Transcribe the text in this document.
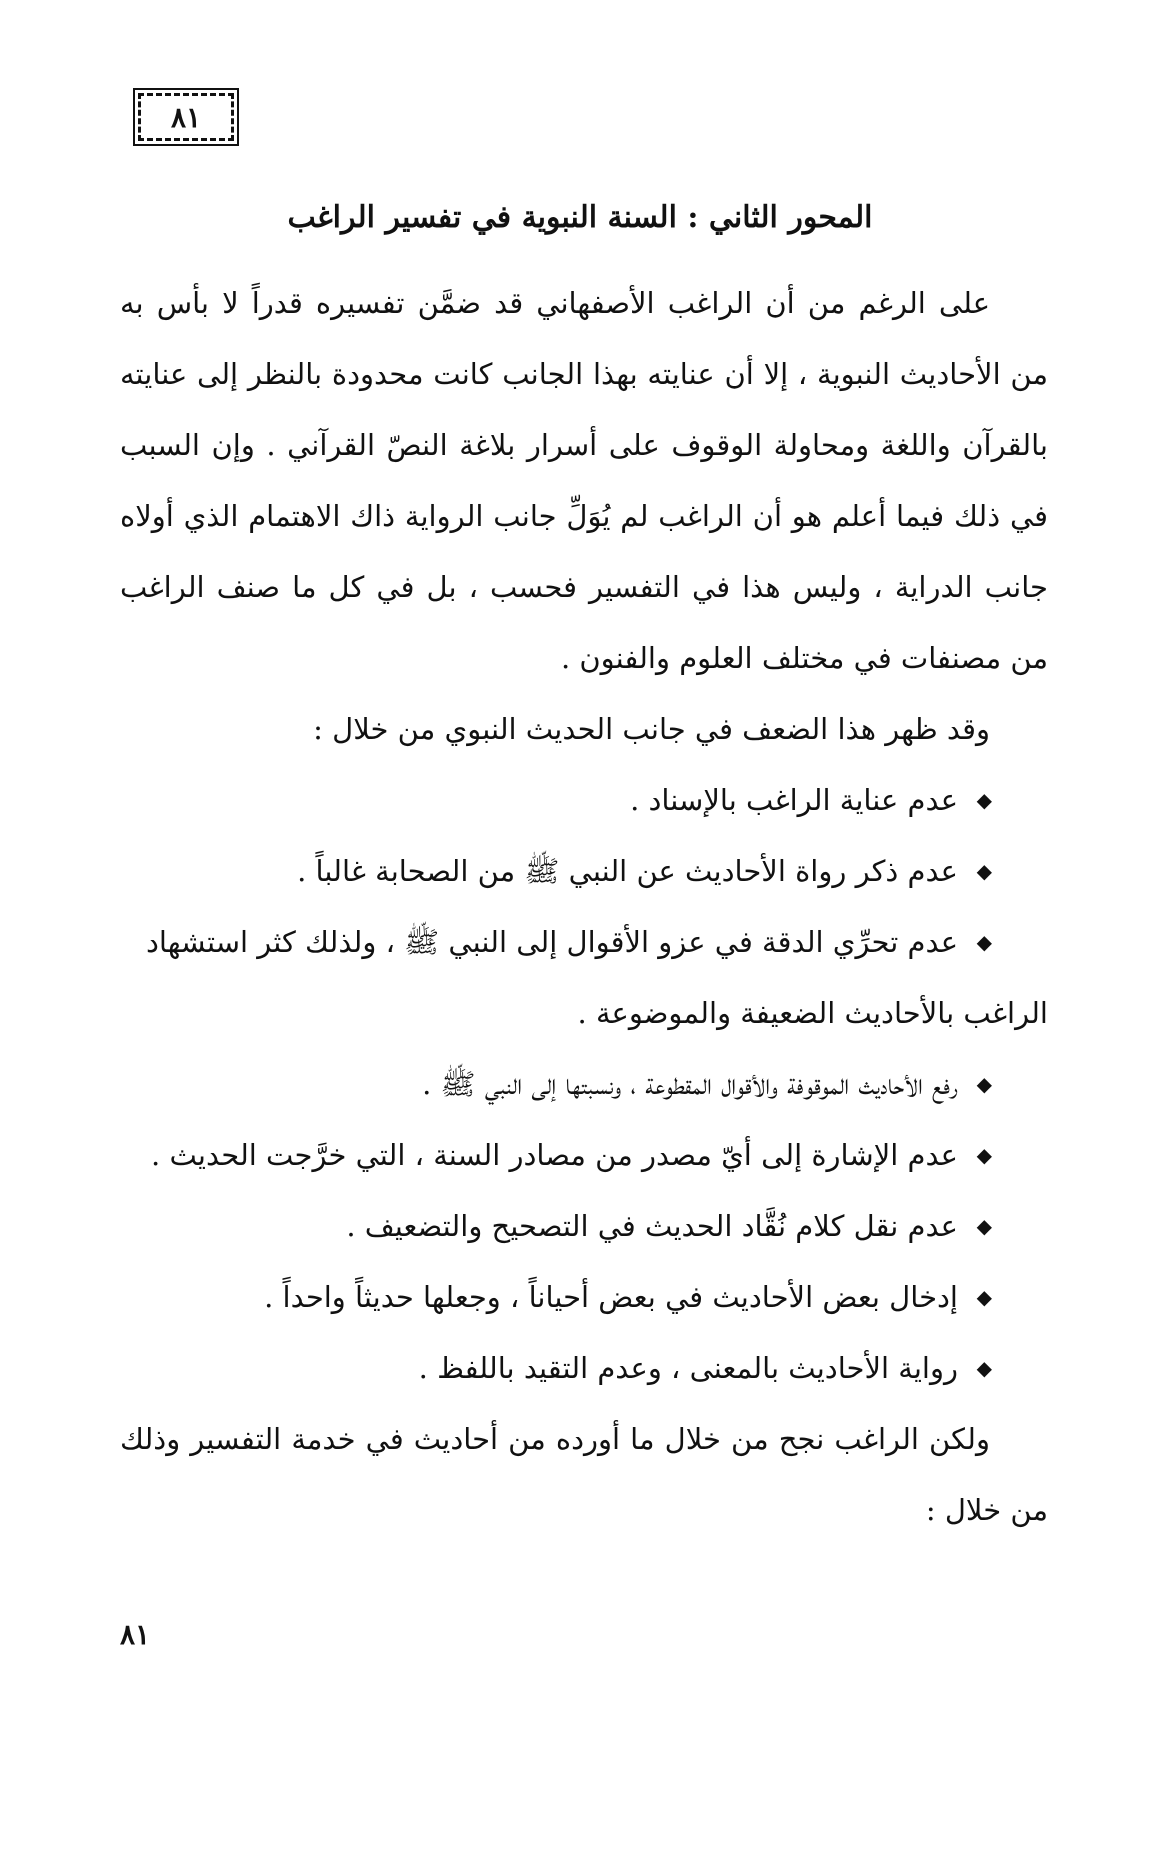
٨١
المحور الثاني : السنة النبوية في تفسير الراغب

على الرغم من أن الراغب الأصفهاني قد ضمَّن تفسيره قدراً لا بأس به من الأحاديث النبوية ، إلا أن عنايته بهذا الجانب كانت محدودة بالنظر إلى عنايته بالقرآن واللغة ومحاولة الوقوف على أسرار بلاغة النصّ القرآني . وإن السبب في ذلك فيما أعلم هو أن الراغب لم يُوَلِّ جانب الرواية ذاك الاهتمام الذي أولاه جانب الدراية ، وليس هذا في التفسير فحسب ، بل في كل ما صنف الراغب من مصنفات في مختلف العلوم والفنون .

وقد ظهر هذا الضعف في جانب الحديث النبوي من خلال :

◆
عدم عناية الراغب بالإسناد .

◆
عدم ذكر رواة الأحاديث عن النبي ﷺ من الصحابة غالباً .

◆
عدم تحرِّي الدقة في عزو الأقوال إلى النبي ﷺ ، ولذلك كثر استشهاد

الراغب بالأحاديث الضعيفة والموضوعة .

◆
رفع الأحاديث الموقوفة والأقوال المقطوعة ، ونسبتها إلى النبي ﷺ .

◆
عدم الإشارة إلى أيّ مصدر من مصادر السنة ، التي خرَّجت الحديث .

◆
عدم نقل كلام نُقَّاد الحديث في التصحيح والتضعيف .

◆
إدخال بعض الأحاديث في بعض أحياناً ، وجعلها حديثاً واحداً .

◆
رواية الأحاديث بالمعنى ، وعدم التقيد باللفظ .

ولكن الراغب نجح من خلال ما أورده من أحاديث في خدمة التفسير وذلك من خلال :

٨١
